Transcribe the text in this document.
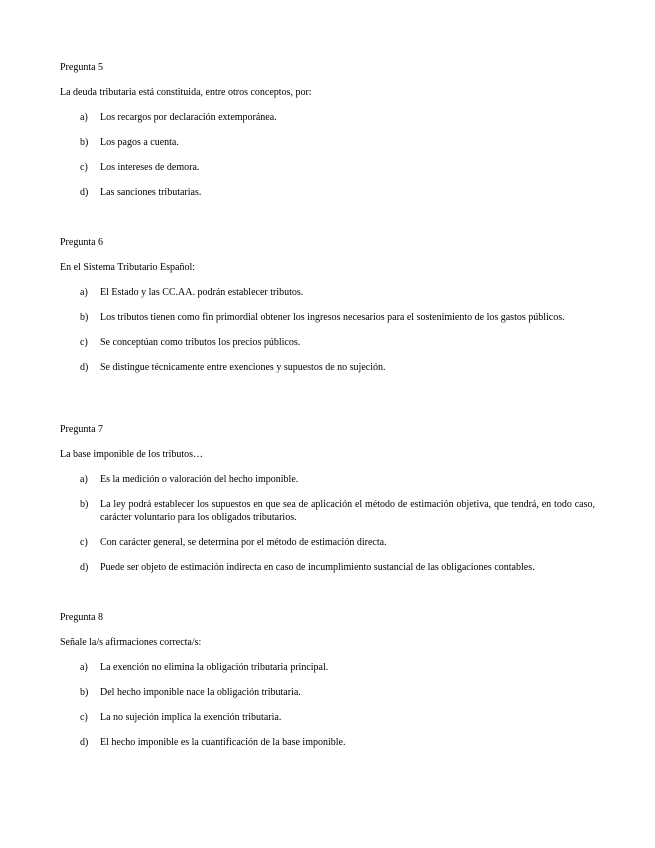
Pregunta 5

La deuda tributaria está constituida, entre otros conceptos, por:

a)	Los recargos por declaración extemporánea.
b)	Los pagos a cuenta.
c)	Los intereses de demora.
d)	Las sanciones tributarias.

Pregunta 6

En el Sistema Tributario Español:

a)	El Estado y las CC.AA. podrán establecer tributos.
b)	Los tributos tienen como fin primordial obtener los ingresos necesarios para el sostenimiento de los gastos públicos.
c)	Se conceptúan como tributos los precios públicos.
d)	Se distingue técnicamente entre exenciones y supuestos de no sujeción.

Pregunta 7

La base imponible de los tributos…

a)	Es la medición o valoración del hecho imponible.
b)	La ley podrá establecer los supuestos en que sea de aplicación el método de estimación objetiva, que tendrá, en todo caso, carácter voluntario para los obligados tributarios.
c)	Con carácter general, se determina por el método de estimación directa.
d)	Puede ser objeto de estimación indirecta en caso de incumplimiento sustancial de las obligaciones contables.

Pregunta 8

Señale la/s afirmaciones correcta/s:

a)	La exención no elimina la obligación tributaria principal.
b)	Del hecho imponible nace la obligación tributaria.
c)	La no sujeción implica la exención tributaria.
d)	El hecho imponible es la cuantificación de la base imponible.
